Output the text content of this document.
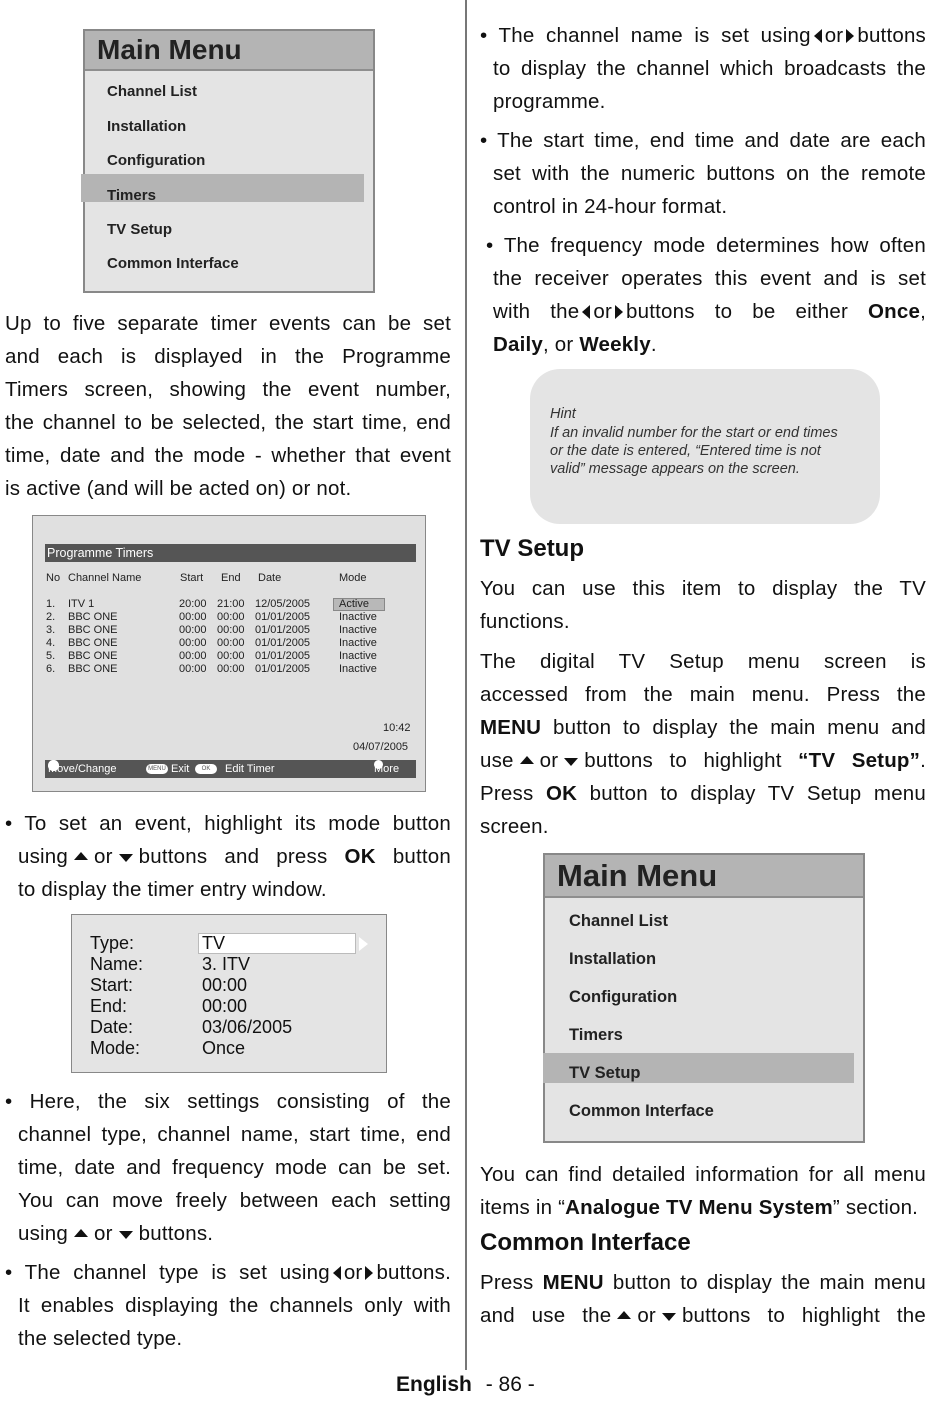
Main Menu
Channel List
Installation
Configuration
Timers
TV Setup
Common Interface
Up to five separate timer events can be set
and each is displayed in the Programme
Timers screen, showing the event number,
the channel to be selected, the start time, end
time, date and the mode - whether that event
is active (and will be acted on) or not.
Programme Timers
No Channel Name	Start End Date	Mode
1. ITV 1	20:00 21:00 12/05/2005	Active
2. BBC ONE	00:00 00:00 01/01/2005	Inactive
3. BBC ONE	00:00 00:00 01/01/2005	Inactive
4. BBC ONE	00:00 00:00 01/01/2005	Inactive
5. BBC ONE	00:00 00:00 01/01/2005	Inactive
6. BBC ONE	00:00 00:00 01/01/2005	Inactive
10:42
04/07/2005
Move/Change	MENU Exit	OK	Edit Timer	More
• To set an event, highlight its mode button
using or buttons and press OK button
to display the timer entry window.
Type:	TV
Name:	3. ITV
Start:	00:00
End:	00:00
Date:	03/06/2005
Mode:	Once
• Here, the six settings consisting of the
channel type, channel name, start time, end
time, date and frequency mode can be set.
You can move freely between each setting
using or buttons.
• The channel type is set using or buttons.
It enables displaying the channels only with
the selected type.
• The channel name is set using or buttons
to display the channel which broadcasts the
programme.
• The start time, end time and date are each
set with the numeric buttons on the remote
control in 24-hour format.
• The frequency mode determines how often
the receiver operates this event and is set
with the or buttons to be either Once,
Daily, or Weekly.
Hint
If an invalid number for the start or end times
or the date is entered, “Entered time is not
valid” message appears on the screen.
TV Setup
You can use this item to display the TV
functions.
The digital TV Setup menu screen is
accessed from the main menu. Press the
MENU button to display the main menu and
use or buttons to highlight “TV Setup”.
Press OK button to display TV Setup menu
screen.
Main Menu
Channel List
Installation
Configuration
Timers
TV Setup
Common Interface
You can find detailed information for all menu
items in “Analogue TV Menu System” section.
Common Interface
Press MENU button to display the main menu
and use the or buttons to highlight the
English - 86 -
